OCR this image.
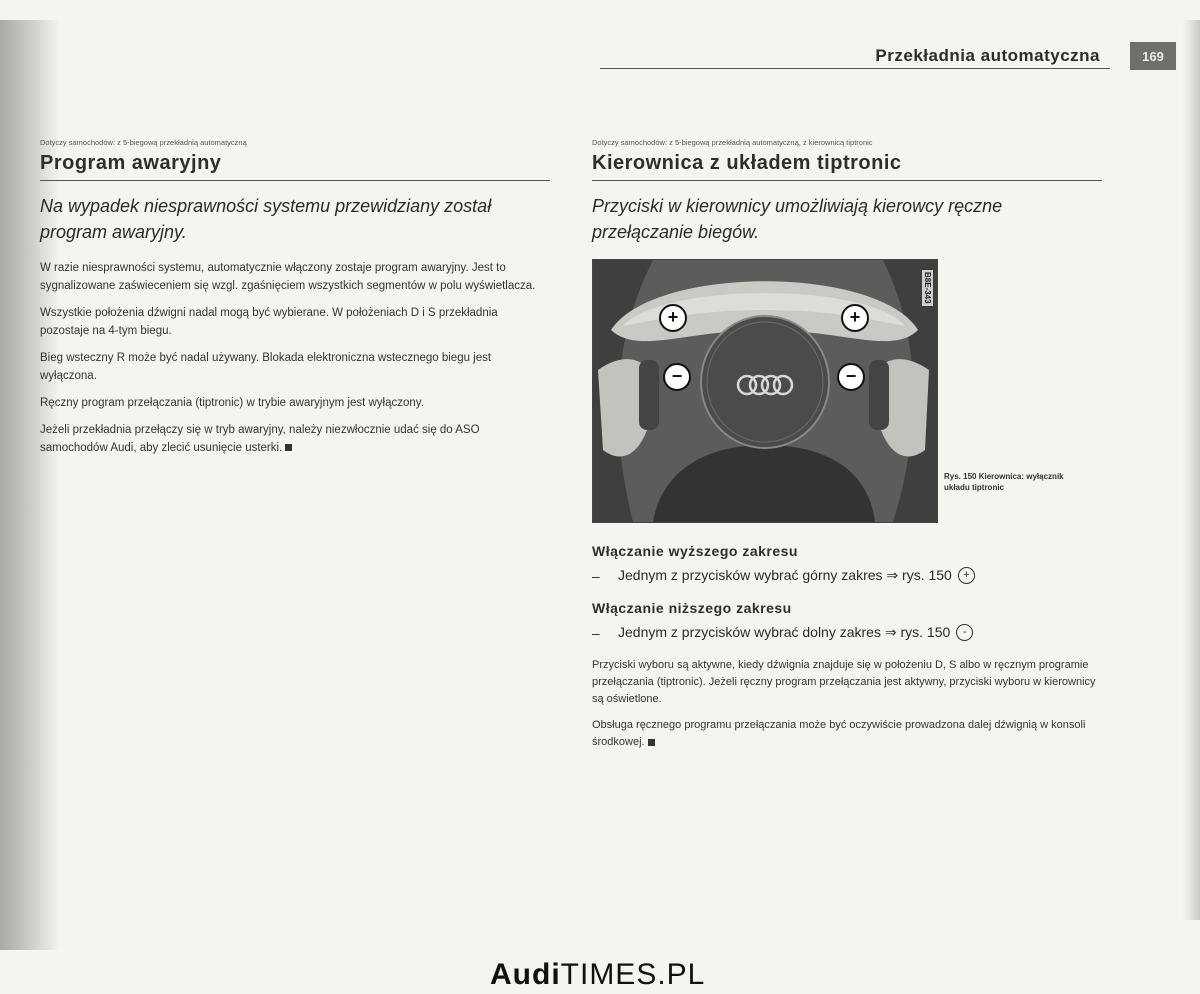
Przekładnia automatyczna	169

Dotyczy samochodów: z 5-biegową przekładnią automatyczną

Program awaryjny

Na wypadek niesprawności systemu przewidziany został program awaryjny.

W razie niesprawności systemu, automatycznie włączony zostaje program awaryjny. Jest to sygnalizowane zaświeceniem się wzgl. zgaśnięciem wszystkich segmentów w polu wyświetlacza.

Wszystkie położenia dźwigni nadal mogą być wybierane. W położeniach D i S przekładnia pozostaje na 4-tym biegu.

Bieg wsteczny R może być nadal używany. Blokada elektroniczna wstecznego biegu jest wyłączona.

Ręczny program przełączania (tiptronic) w trybie awaryjnym jest wyłączony.

Jeżeli przekładnia przełączy się w tryb awaryjny, należy niezwłocznie udać się do ASO samochodów Audi, aby zlecić usunięcie usterki.

Dotyczy samochodów: z 5-biegową przekładnią automatyczną, z kierownicą tiptronic

Kierownica z układem tiptronic

Przyciski w kierownicy umożliwiają kierowcy ręczne przełączanie biegów.

+	+
−	−
B8E-343
Rys. 150 Kierownica: wyłącznik układu tiptronic
Włączanie wyższego zakresu
–	Jednym z przycisków wybrać górny zakres ⇒ rys. 150	+
Włączanie niższego zakresu
–	Jednym z przycisków wybrać dolny zakres ⇒ rys. 150	-

Przyciski wyboru są aktywne, kiedy dźwignia znajduje się w położeniu D, S albo w ręcznym programie przełączania (tiptronic). Jeżeli ręczny program przełączania jest aktywny, przyciski wyboru w kierownicy są oświetlone.

Obsługa ręcznego programu przełączania może być oczywiście prowadzona dalej dźwignią w konsoli środkowej.

AudiTIMES.PL
